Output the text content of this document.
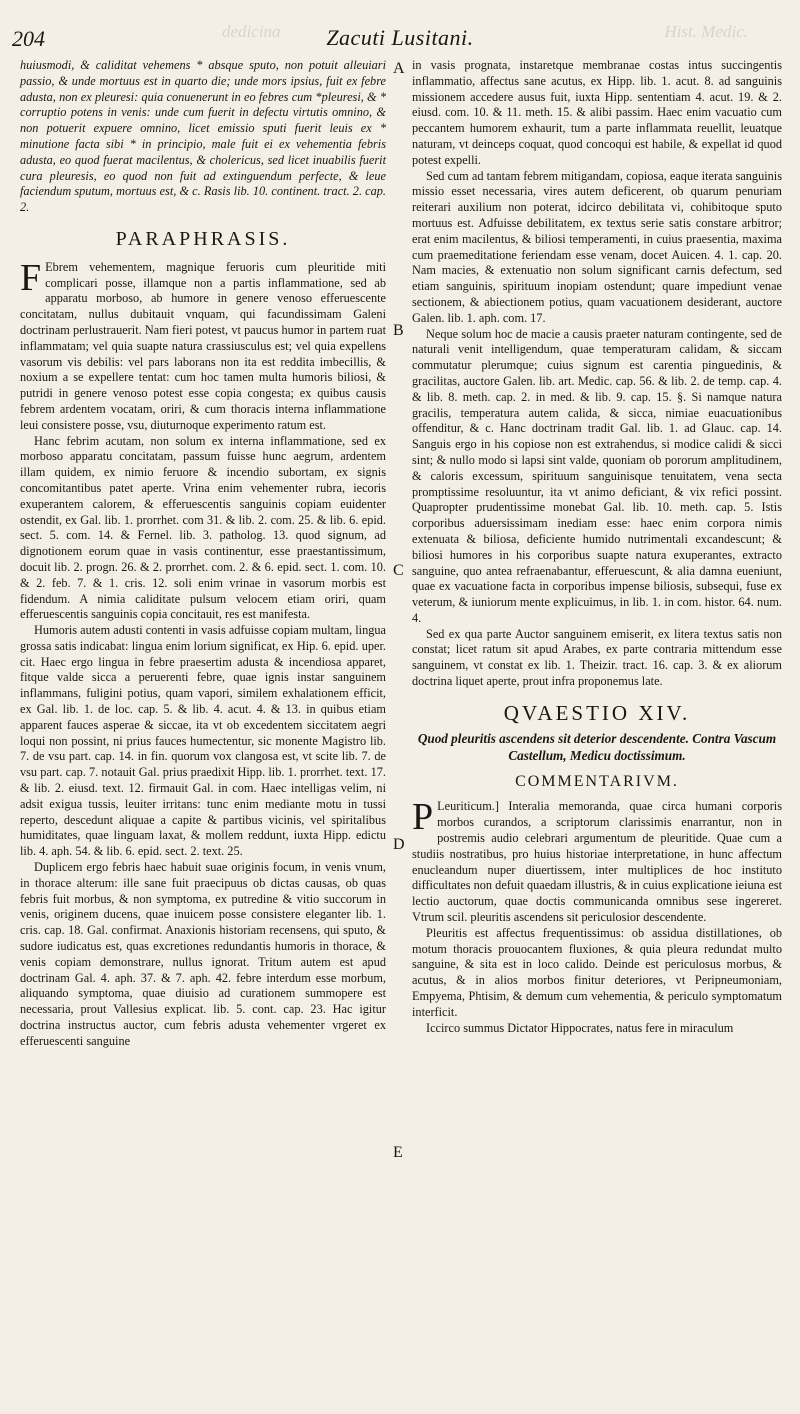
dedicina	Hist. Medic.
204	Zacuti Lusitani.
A
B
C
D
E

huiusmodi, & caliditat vehemens * absque sputo, non potuit alleuiari passio, & unde mortuus est in quarto die; unde mors ipsius, fuit ex febre adusta, non ex pleuresi: quia conuenerunt in eo febres cum *pleuresi, & * corruptio potens in venis: unde cum fuerit in defectu virtutis omnino, & non potuerit expuere omnino, licet emissio sputi fuerit leuis ex * minutione facta sibi * in principio, male fuit ei ex vehementia febris adusta, eo quod fuerat macilentus, & cholericus, sed licet inuabilis fuerit cura pleuresis, eo quod non fuit ad extinguendum perfecte, & leue faciendum sputum, mortuus est, & c. Rasis lib. 10. continent. tract. 2. cap. 2.

PARAPHRASIS.

F Ebrem vehementem, magnique feruoris cum pleuritide miti complicari posse, illamque non a partis inflammatione, sed ab apparatu morboso, ab humore in genere venoso efferuescente concitatam, nullus dubitauit vnquam, qui facundissimam Galeni doctrinam perlustrauerit. Nam fieri potest, vt paucus humor in partem ruat inflammatam; vel quia suapte natura crassiusculus est; vel quia expellens vasorum vis debilis: vel pars laborans non ita est reddita imbecillis, & noxium a se expellere tentat: cum hoc tamen multa humoris biliosi, & putridi in genere venoso potest esse copia congesta; ex quibus causis febrem ardentem vocatam, oriri, & cum thoracis interna inflammatione leui consistere posse, vsu, diuturnoque experimento ratum est.

Hanc febrim acutam, non solum ex interna inflammatione, sed ex morboso apparatu concitatam, passum fuisse hunc aegrum, ardentem illam quidem, ex nimio feruore & incendio subortam, ex signis concomitantibus patet aperte. Vrina enim vehementer rubra, iecoris exuperantem calorem, & efferuescentis sanguinis copiam euidenter ostendit, ex Gal. lib. 1. prorrhet. com 31. & lib. 2. com. 25. & lib. 6. epid. sect. 5. com. 14. & Fernel. lib. 3. patholog. 13. quod signum, ad dignotionem eorum quae in vasis continentur, esse praestantissimum, docuit lib. 2. progn. 26. & 2. prorrhet. com. 2. & 6. epid. sect. 1. com. 10. & 2. feb. 7. & 1. cris. 12. soli enim vrinae in vasorum morbis est fidendum. A nimia caliditate pulsum velocem etiam oriri, quam efferuescentis sanguinis copia concitauit, res est manifesta.

Humoris autem adusti contenti in vasis adfuisse copiam multam, lingua grossa satis indicabat: lingua enim lorium significat, ex Hip. 6. epid. uper. cit. Haec ergo lingua in febre praesertim adusta & incendiosa apparet, fitque valde sicca a peruerenti febre, quae ignis instar sanguinem inflammans, fuligini potius, quam vapori, similem exhalationem efficit, ex Gal. lib. 1. de loc. cap. 5. & lib. 4. acut. 4. & 13. in quibus etiam apparent fauces asperae & siccae, ita vt ob excedentem siccitatem aegri loqui non possint, ni prius fauces humectentur, sic monente Magistro lib. 7. de vsu part. cap. 14. in fin. quorum vox clangosa est, vt scite lib. 7. de vsu part. cap. 7. notauit Gal. prius praedixit Hipp. lib. 1. prorrhet. text. 17. & lib. 2. eiusd. text. 12. firmauit Gal. in com. Haec intelligas velim, ni adsit exigua tussis, leuiter irritans: tunc enim mediante motu in tussi reperto, descedunt aliquae a capite & partibus vicinis, vel spiritalibus humiditates, quae linguam laxat, & mollem reddunt, iuxta Hipp. edictu lib. 4. aph. 54. & lib. 6. epid. sect. 2. text. 25.

Duplicem ergo febris haec habuit suae originis focum, in venis vnum, in thorace alterum: ille sane fuit praecipuus ob dictas causas, ob quas febris fuit morbus, & non symptoma, ex putredine & vitio succorum in venis, originem ducens, quae inuicem posse consistere eleganter lib. 1. cris. cap. 18. Gal. confirmat. Anaxionis historiam recensens, qui sputo, & sudore iudicatus est, quas excretiones redundantis humoris in thorace, & venis copiam demonstrare, nullus ignorat. Tritum autem est apud doctrinam Gal. 4. aph. 37. & 7. aph. 42. febre interdum esse morbum, aliquando symptoma, quae diuisio ad curationem summopere est necessaria, prout Vallesius explicat. lib. 5. cont. cap. 23. Hac igitur doctrina instructus auctor, cum febris adusta vehementer vrgeret ex efferuescenti sanguine

in vasis prognata, instaretque membranae costas intus succingentis inflammatio, affectus sane acutus, ex Hipp. lib. 1. acut. 8. ad sanguinis missionem accedere ausus fuit, iuxta Hipp. sententiam 4. acut. 19. & 2. eiusd. com. 10. & 11. meth. 15. & alibi passim. Haec enim vacuatio cum peccantem humorem exhaurit, tum a parte inflammata reuellit, leuatque naturam, vt deinceps coquat, quod concoqui est habile, & expellat id quod potest expelli.

Sed cum ad tantam febrem mitigandam, copiosa, eaque iterata sanguinis missio esset necessaria, vires autem deficerent, ob quarum penuriam reiterari auxilium non poterat, idcirco debilitata vi, cohibitoque sputo mortuus est. Adfuisse debilitatem, ex textus serie satis constare arbitror; erat enim macilentus, & biliosi temperamenti, in cuius praesentia, maxima cum praemeditatione feriendam esse venam, docet Auicen. 4. 1. cap. 20. Nam macies, & extenuatio non solum significant carnis defectum, sed etiam sanguinis, spirituum inopiam ostendunt; quare impediunt venae sectionem, & abiectionem potius, quam vacuationem desiderant, auctore Galen. lib. 1. aph. com. 17.

Neque solum hoc de macie a causis praeter naturam contingente, sed de naturali venit intelligendum, quae temperaturam calidam, & siccam commutatur plerumque; cuius signum est carentia pinguedinis, & gracilitas, auctore Galen. lib. art. Medic. cap. 56. & lib. 2. de temp. cap. 4. & lib. 8. meth. cap. 2. in med. & lib. 9. cap. 15. §. Si namque natura gracilis, temperatura autem calida, & sicca, nimiae euacuationibus offenditur, & c. Hanc doctrinam tradit Gal. lib. 1. ad Glauc. cap. 14. Sanguis ergo in his copiose non est extrahendus, si modice calidi & sicci sint; & nullo modo si lapsi sint valde, quoniam ob pororum amplitudinem, & caloris excessum, spirituum sanguinisque tenuitatem, vena secta promptissime resoluuntur, ita vt animo deficiant, & vix refici possint. Quapropter prudentissime monebat Gal. lib. 10. meth. cap. 5. Istis corporibus aduersissimam inediam esse: haec enim corpora nimis extenuata & biliosa, deficiente humido nutrimentali excandescunt; & biliosi humores in his corporibus suapte natura exuperantes, extracto sanguine, quo antea refraenabantur, efferuescunt, & alia damna eueniunt, quae ex vacuatione facta in corporibus impense biliosis, subsequi, fuse ex veterum, & iuniorum mente explicuimus, in lib. 1. in com. histor. 64. num. 4.

Sed ex qua parte Auctor sanguinem emiserit, ex litera textus satis non constat; licet ratum sit apud Arabes, ex parte contraria mittendum esse sanguinem, vt constat ex lib. 1. Theizir. tract. 16. cap. 3. & ex aliorum doctrina liquet aperte, prout infra proponemus late.

QVAESTIO XIV.
Quod pleuritis ascendens sit deterior descendente. Contra Vascum Castellum, Medicu doctissimum.
COMMENTARIVM.

P Leuriticum.] Interalia memoranda, quae circa humani corporis morbos curandos, a scriptorum clarissimis enarrantur, non in postremis audio celebrari argumentum de pleuritide. Quae cum a studiis nostratibus, pro huius historiae interpretatione, in hunc affectum enucleandum nuper diuertissem, inter multiplices de hoc instituto difficultates non defuit quaedam illustris, & in cuius explicatione ieiuna est lectio auctorum, quae doctis communicanda omnibus sese ingereret. Vtrum scil. pleuritis ascendens sit periculosior descendente.

Pleuritis est affectus frequentissimus: ob assidua distillationes, ob motum thoracis prouocantem fluxiones, & quia pleura redundat multo sanguine, & sita est in loco calido. Deinde est periculosus morbus, & acutus, & in alios morbos finitur deteriores, vt Peripneumoniam, Empyema, Phtisim, & demum cum vehementia, & periculo symptomatum interficit.

Iccirco summus Dictator Hippocrates, natus fere in miraculum
